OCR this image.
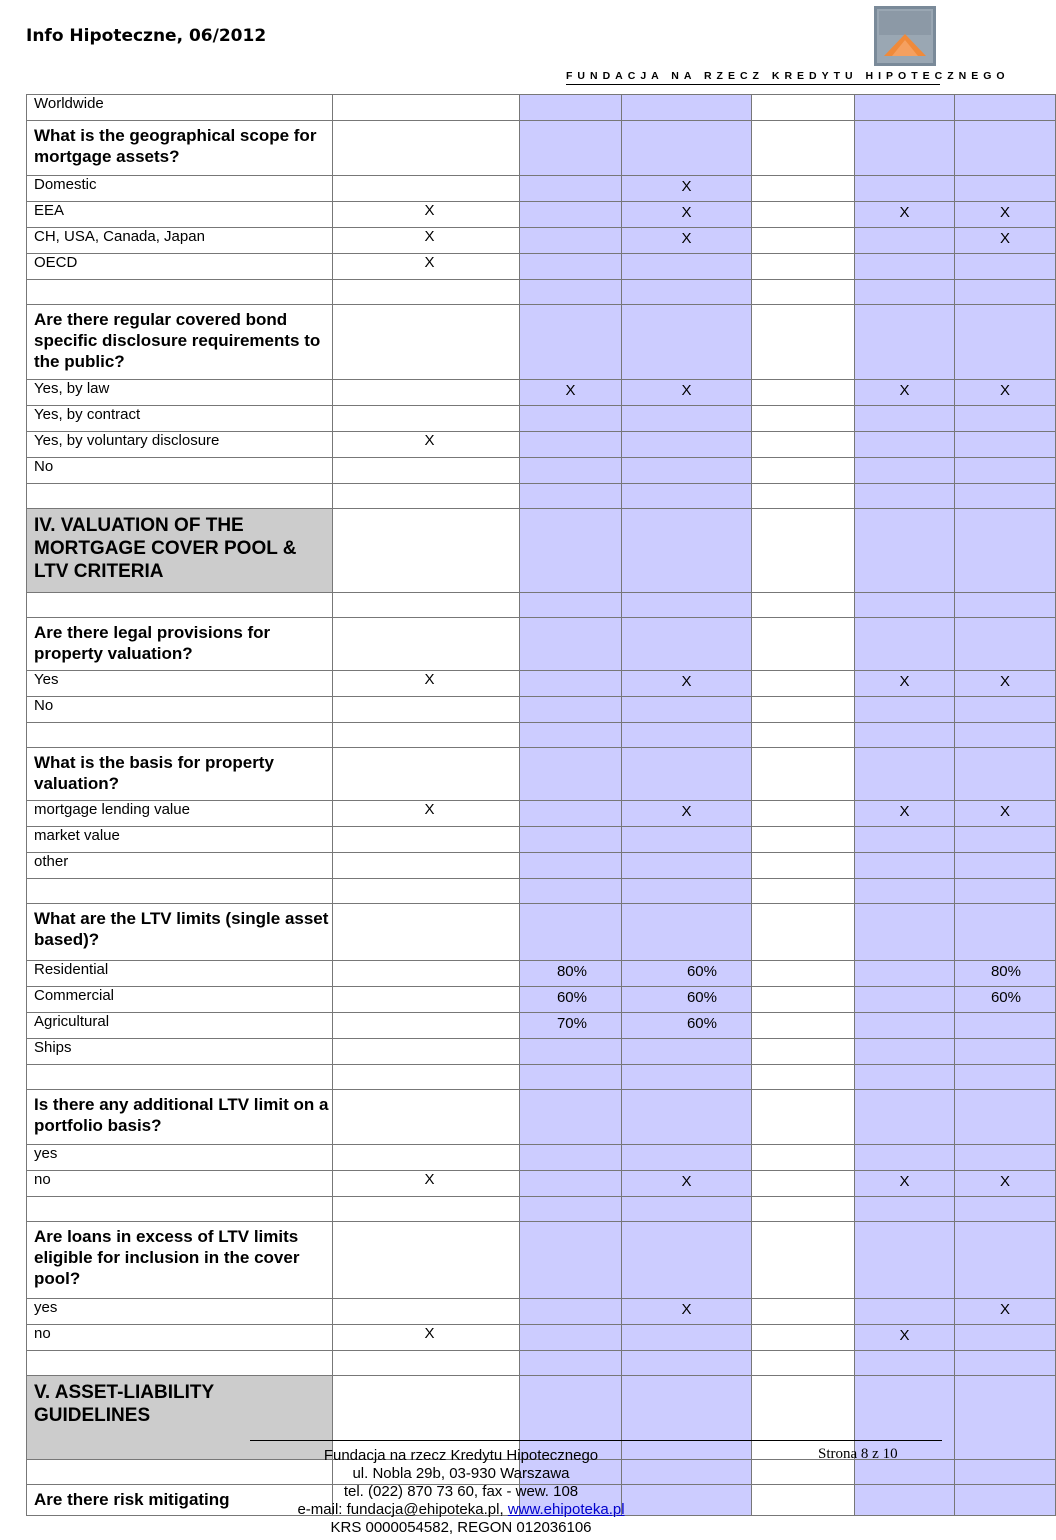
Info Hipoteczne, 06/2012
FUNDACJA NA RZECZ KREDYTU HIPOTECZNEGO
Worldwide						
What is the geographical scope for mortgage assets?						
Domestic			X			
EEA	X		X		X	X
CH, USA, Canada, Japan	X		X			X
OECD	X					

Are there regular covered bond specific disclosure requirements to the public?						
Yes, by law		X	X		X	X
Yes, by contract						
Yes, by voluntary disclosure	X					
No						

IV. VALUATION OF THE MORTGAGE COVER POOL & LTV CRITERIA						

Are there legal provisions for property valuation?						
Yes	X		X		X	X
No						

What is the basis for property valuation?						
mortgage lending value	X		X		X	X
market value						
other						

What are the LTV limits (single asset based)?						
Residential		80%	60%			80%
Commercial		60%	60%			60%
Agricultural		70%	60%			
Ships						

Is there any additional LTV limit on a portfolio basis?						
yes						
no	X		X		X	X

Are loans in excess of LTV limits eligible for inclusion in the cover pool?						
yes			X			X
no	X				X	

V. ASSET-LIABILITY GUIDELINES						

Are there risk mitigating						
Fundacja na rzecz Kredytu Hipotecznego
ul. Nobla 29b, 03-930 Warszawa
tel. (022) 870 73 60, fax - wew. 108
e-mail: fundacja@ehipoteka.pl, www.ehipoteka.pl
KRS 0000054582, REGON 012036106
Strona 8 z 10
